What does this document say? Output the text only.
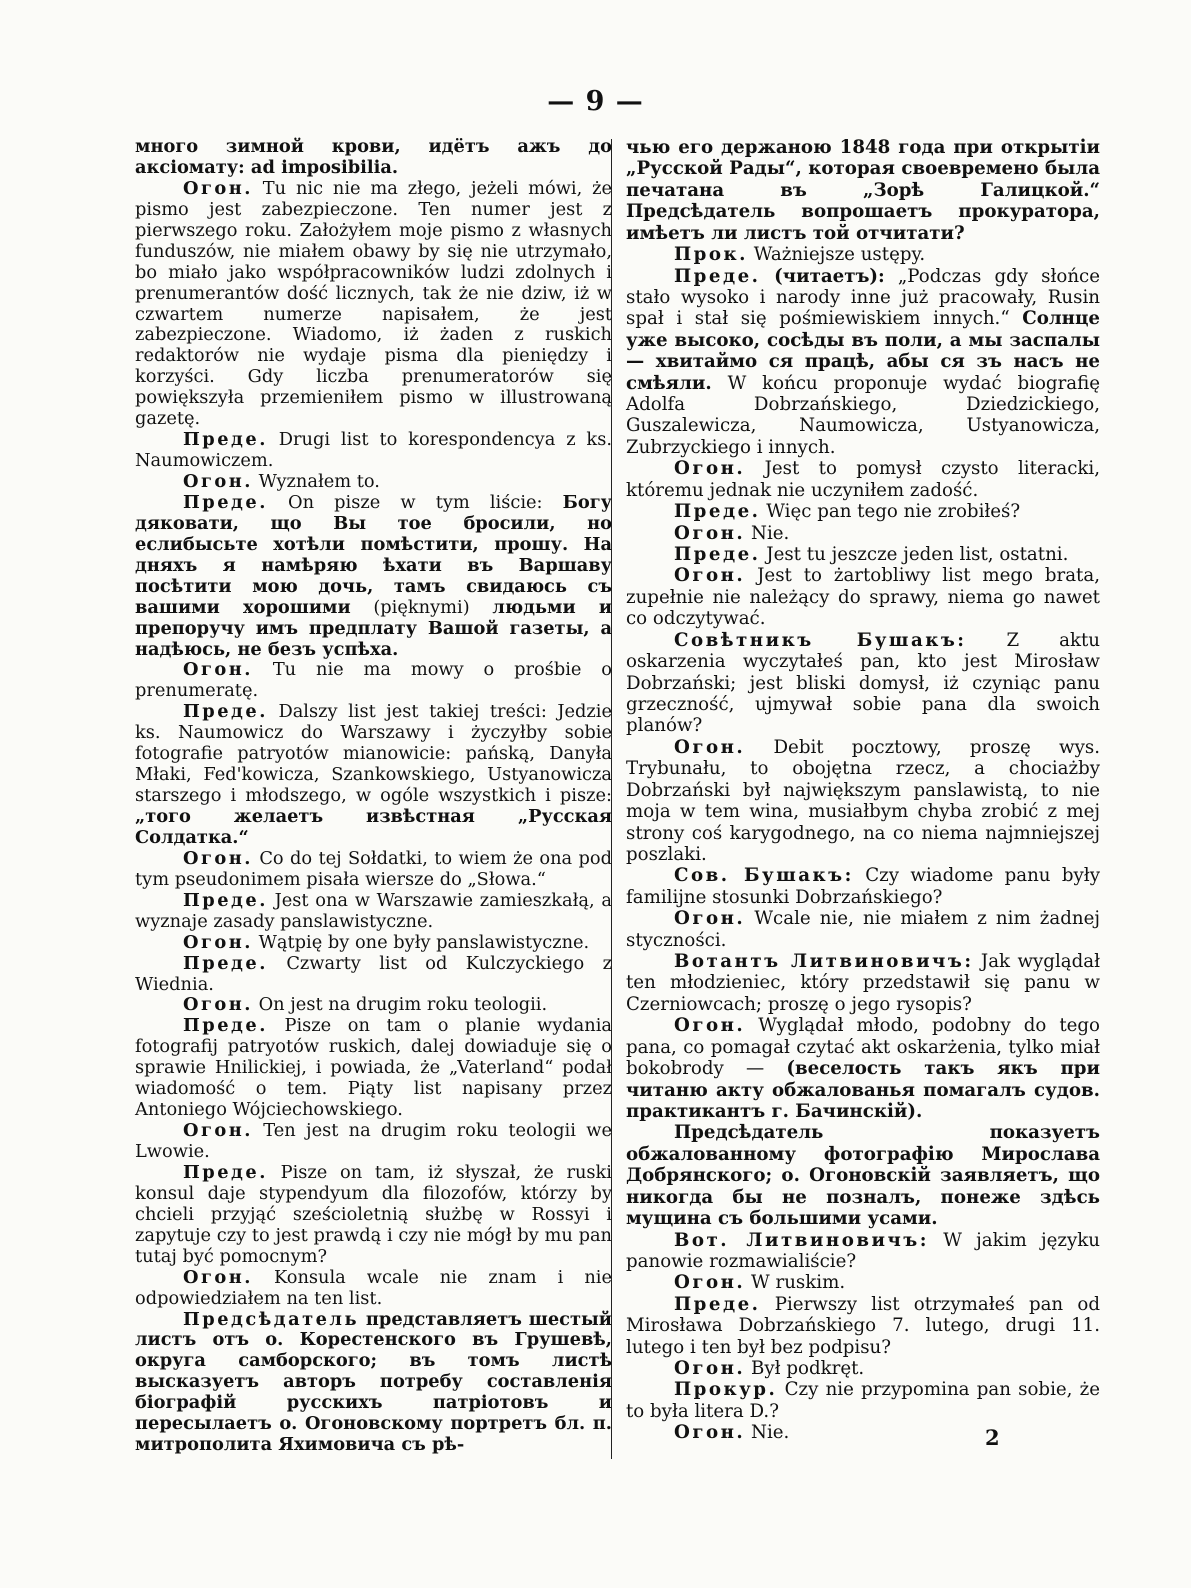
— 9 —

много зимной крови, идётъ ажъ до аксіомату: ad imposibilia.

Огон. Tu nic nie ma złego, jeżeli mówi, że pismo jest zabezpieczone. Ten numer jest z pierwszego roku. Założyłem moje pismo z własnych funduszów, nie miałem obawy by się nie utrzymało, bo miało jako współpracowników ludzi zdolnych i prenumerantów dość licznych, tak że nie dziw, iż w czwartem numerze napisałem, że jest zabezpieczone. Wiadomo, iż żaden z ruskich redaktorów nie wydaje pisma dla pieniędzy i korzyści. Gdy liczba prenumeratorów się powiększyła przemieniłem pismo w illustrowaną gazetę.

Преде. Drugi list to korespondencya z ks. Naumowiczem.

Огон. Wyznałem to.

Преде. On pisze w tym liście: Богу дяковати, що Вы тое бросили, но еслибысьте хотѣли помѣстити, прошу. На дняхъ я намѣряю ѣхати въ Варшаву посѣтити мою дочь, тамъ свидаюсь съ вашими хорошими (pięknymi) людьми и препоручу имъ предплату Вашой газеты, а надѣюсь, не безъ успѣха.

Огон. Tu nie ma mowy o prośbie o prenumeratę.

Преде. Dalszy list jest takiej treści: Jedzie ks. Naumowicz do Warszawy i życzyłby sobie fotografie patryotów mianowicie: pańską, Danyła Młaki, Fed'kowicza, Szankowskiego, Ustyanowicza starszego i młodszego, w ogóle wszystkich i pisze: „того желаетъ извѣстная „Русская Солдатка.“

Огон. Co do tej Sołdatki, to wiem że ona pod tym pseudonimem pisała wiersze do „Słowa.“

Преде. Jest ona w Warszawie zamieszkałą, a wyznaje zasady panslawistyczne.

Огон. Wątpię by one były panslawistyczne.

Преде. Czwarty list od Kulczyckiego z Wiednia.

Огон. On jest na drugim roku teologii.

Преде. Pisze on tam o planie wydania fotografij patryotów ruskich, dalej dowiaduje się o sprawie Hnilickiej, i powiada, że „Vaterland“ podał wiadomość o tem. Piąty list napisany przez Antoniego Wójciechowskiego.

Огон. Ten jest na drugim roku teologii we Lwowie.

Преде. Pisze on tam, iż słyszał, że ruski konsul daje stypendyum dla filozofów, którzy by chcieli przyjąć sześcioletnią służbę w Rossyi i zapytuje czy to jest prawdą i czy nie mógł by mu pan tutaj być pomocnym?

Огон. Konsula wcale nie znam i nie odpowiedziałem na ten list.

Предсѣдатель представляетъ шестый листъ отъ о. Корестенского въ Грушевѣ, округа самборского; въ томъ листѣ высказуетъ авторъ потребу составленія біографій русскихъ патріотовъ и пересылаетъ о. Огоновскому портретъ бл. п. митрополита Яхимовича съ рѣ-

чью его держаною 1848 года при открытіи „Русской Рады“, которая своевремено была печатана въ „Зорѣ Галицкой.“ Предсѣдатель вопрошаетъ прокуратора, имѣетъ ли листъ той отчитати?

Прок. Ważniejsze ustępy.

Преде. (читаетъ): „Podczas gdy słońce stało wysoko i narody inne już pracowały, Rusin spał i stał się pośmiewiskiem innych.“ Солнце уже высоко, сосѣды въ поли, а мы заспалы— хвитаймо ся працѣ, абы ся зъ насъ не смѣяли. W końcu proponuje wydać biografię Adolfa Dobrzańskiego, Dziedzickiego, Guszalewicza, Naumowicza, Ustyanowicza, Zubrzyckiego i innych.

Огон. Jest to pomysł czysto literacki, któremu jednak nie uczyniłem zadość.

Преде. Więc pan tego nie zrobiłeś?

Огон. Nie.

Преде. Jest tu jeszcze jeden list, ostatni.

Огон. Jest to żartobliwy list mego brata, zupełnie nie należący do sprawy, niema go nawet co odczytywać.

Совѣтникъ Бушакъ: Z aktu oskarzenia wyczytałeś pan, kto jest Mirosław Dobrzański; jest bliski domysł, iż czyniąc panu grzeczność, ujmywał sobie pana dla swoich planów?

Огон. Debit pocztowy, proszę wys. Trybunału, to obojętna rzecz, a chociażby Dobrzański był największym panslawistą, to nie moja w tem wina, musiałbym chyba zrobić z mej strony coś karygodnego, na co niema najmniejszej poszlaki.

Сов. Бушакъ: Czy wiadome panu były familijne stosunki Dobrzańskiego?

Огон. Wcale nie, nie miałem z nim żadnej styczności.

Вотантъ Литвиновичъ: Jak wyglądał ten młodzieniec, który przedstawił się panu w Czerniowcach; proszę o jego rysopis?

Огон. Wyglądał młodo, podobny do tego pana, co pomagał czytać akt oskarżenia, tylko miał bokobrody — (веселость такъ якъ при читаню акту обжалованья помагалъ судов. практикантъ г. Бачинскій).

Предсѣдатель показуетъ обжалованному фотографію Мирославa Добрянского; о. Огоновскій заявляетъ, що никогда бы не позналъ, понеже здѣсь мущина съ большими усами.

Вот. Литвиновичъ: W jakim języku panowie rozmawialiście?

Огон. W ruskim.

Преде. Pierwszy list otrzymałeś pan od Mirosława Dobrzańskiego 7. lutego, drugi 11. lutego i ten był bez podpisu?

Огон. Był podkręt.

Прокур. Czy nie przypomina pan sobie, że to była litera D.?

Огон. Nie.	2
